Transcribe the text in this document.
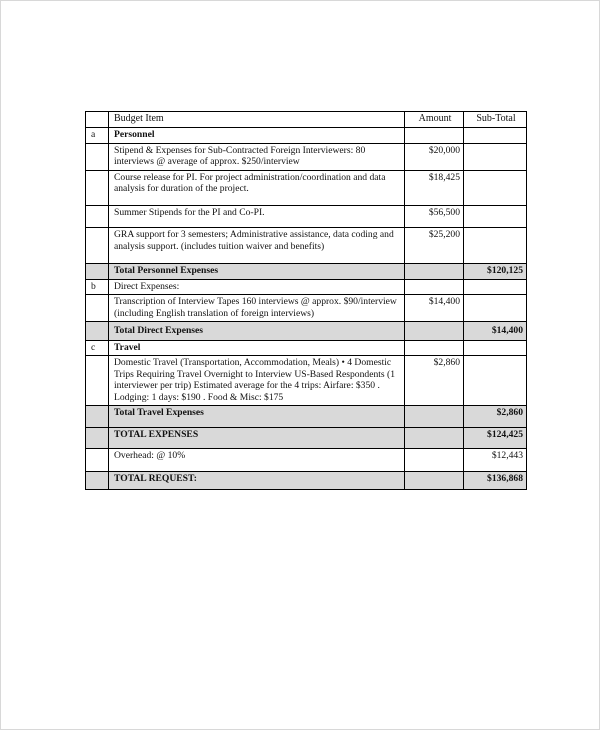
	Budget Item	Amount	Sub-Total
a	Personnel		
	Stipend & Expenses for Sub-Contracted Foreign Interviewers: 80 interviews @ average of approx. $250/interview	$20,000	
	Course release for PI. For project administration/coordination and data analysis for duration of the project.	$18,425	
	Summer Stipends for the PI and Co-PI.	$56,500	
	GRA support for 3 semesters; Administrative assistance, data coding and analysis support. (includes tuition waiver and benefits)	$25,200	
	Total Personnel Expenses		$120,125
b	Direct Expenses:		
	Transcription of Interview Tapes 160 interviews @ approx. $90/interview (including English translation of foreign interviews)	$14,400	
	Total Direct Expenses		$14,400
c	Travel		
	Domestic Travel (Transportation, Accommodation, Meals) • 4 Domestic Trips Requiring Travel Overnight to Interview US-Based Respondents (1 interviewer per trip) Estimated average for the 4 trips: Airfare: $350 . Lodging: 1 days: $190 . Food & Misc: $175	$2,860	
	Total Travel Expenses		$2,860
	TOTAL EXPENSES		$124,425
	Overhead: @ 10%		$12,443
	TOTAL REQUEST:		$136,868
